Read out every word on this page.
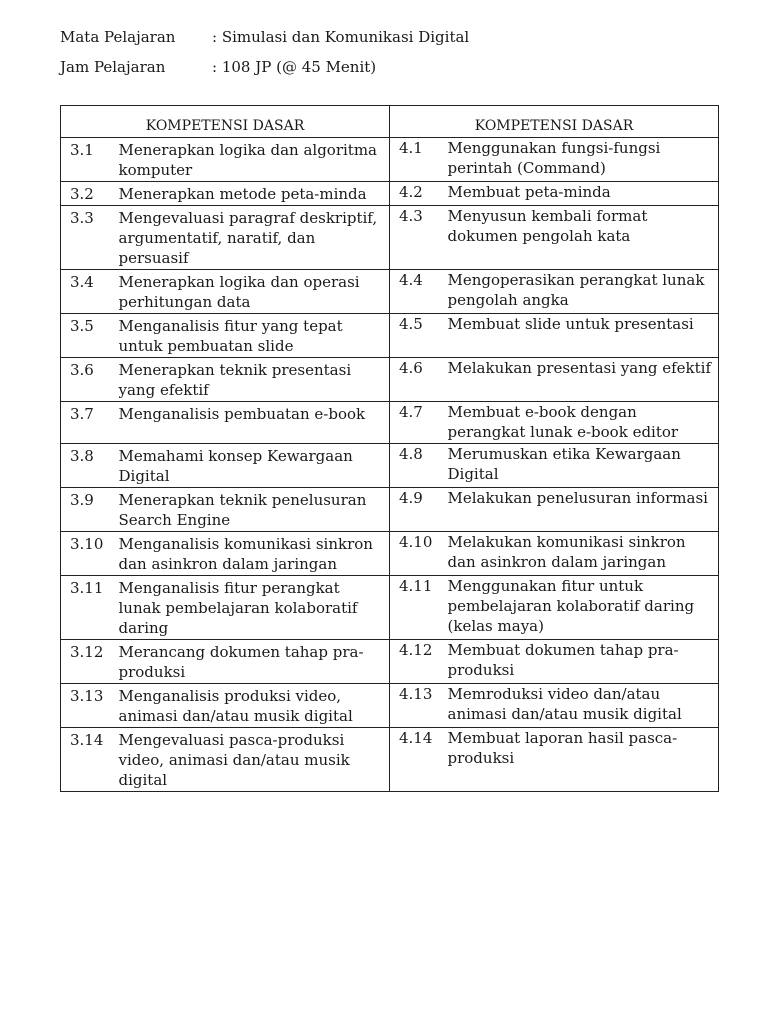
Mata Pelajaran	: Simulasi dan Komunikasi Digital
Jam Pelajaran	: 108 JP (@ 45 Menit)
KOMPETENSI DASAR		KOMPETENSI DASAR	
3.1	Menerapkan logika dan algoritma komputer	4.1	Menggunakan fungsi-fungsi perintah (Command)
3.2	Menerapkan metode peta-minda	4.2	Membuat peta-minda
3.3	Mengevaluasi paragraf deskriptif, argumentatif, naratif, dan persuasif	4.3	Menyusun kembali format dokumen pengolah kata
3.4	Menerapkan logika dan operasi perhitungan data	4.4	Mengoperasikan perangkat lunak pengolah angka
3.5	Menganalisis fitur yang tepat untuk pembuatan slide	4.5	Membuat slide untuk presentasi
3.6	Menerapkan teknik presentasi yang efektif	4.6	Melakukan presentasi yang efektif
3.7	Menganalisis pembuatan e-book	4.7	Membuat e-book dengan perangkat lunak e-book editor
3.8	Memahami konsep Kewargaan Digital	4.8	Merumuskan etika Kewargaan Digital
3.9	Menerapkan teknik penelusuran Search Engine	4.9	Melakukan penelusuran informasi
3.10	Menganalisis komunikasi sinkron dan asinkron dalam jaringan	4.10	Melakukan komunikasi sinkron dan asinkron dalam jaringan
3.11	Menganalisis fitur perangkat lunak pembelajaran kolaboratif daring	4.11	Menggunakan fitur untuk pembelajaran kolaboratif daring (kelas maya)
3.12	Merancang dokumen tahap pra-produksi	4.12	Membuat dokumen tahap pra-produksi
3.13	Menganalisis produksi video, animasi dan/atau musik digital	4.13	Memroduksi video dan/atau animasi dan/atau musik digital
3.14	Mengevaluasi pasca-produksi video, animasi dan/atau musik digital	4.14	Membuat laporan hasil pasca-produksi
